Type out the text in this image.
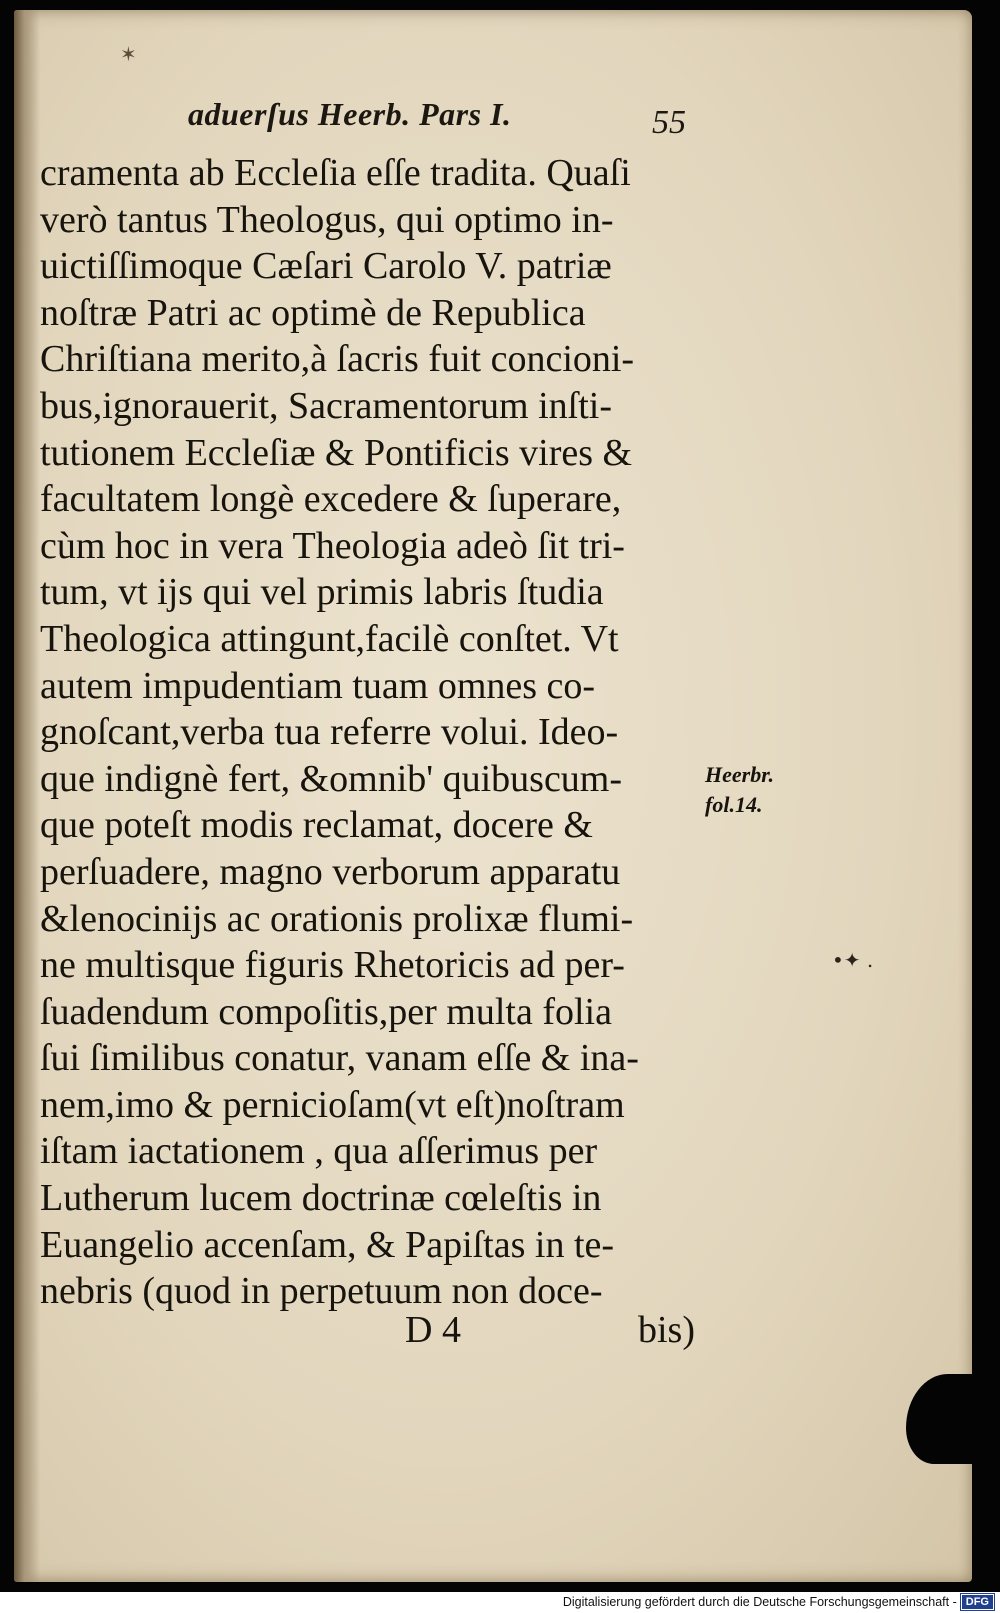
✶
aduerſus Heerb. Pars I.	55
cramenta ab Eccleſia eſſe tradita. Quaſi
verò tantus Theologus, qui optimo in-
uictiſſimoque Cæſari Carolo V. patriæ
noſtræ Patri ac optimè de Republica
Chriſtiana merito,à ſacris fuit concioni-
bus,ignorauerit, Sacramentorum inſti-
tutionem Eccleſiæ & Pontificis vires &
facultatem longè excedere & ſuperare,
cùm hoc in vera Theologia adeò ſit tri-
tum, vt ijs qui vel primis labris ſtudia
Theologica attingunt,facilè conſtet. Vt
autem impudentiam tuam omnes co-
gnoſcant,verba tua referre volui. Ideo-
que indignè fert, &omnib' quibuscum-
que poteſt modis reclamat, docere &
perſuadere, magno verborum apparatu
&lenocinijs ac orationis prolixæ flumi-
ne multisque figuris Rhetoricis ad per-
ſuadendum compoſitis,per multa folia
ſui ſimilibus conatur, vanam eſſe & ina-
nem,imo & pernicioſam(vt eſt)noſtram
iſtam iactationem , qua aſſerimus per
Lutherum lucem doctrinæ cœleſtis in
Euangelio accenſam, & Papiſtas in te-
nebris (quod in perpetuum non doce-
D 4	bis)
Heerbr.
fol.14.
•✦ .
Digitalisierung gefördert durch die Deutsche Forschungsgemeinschaft - DFG
